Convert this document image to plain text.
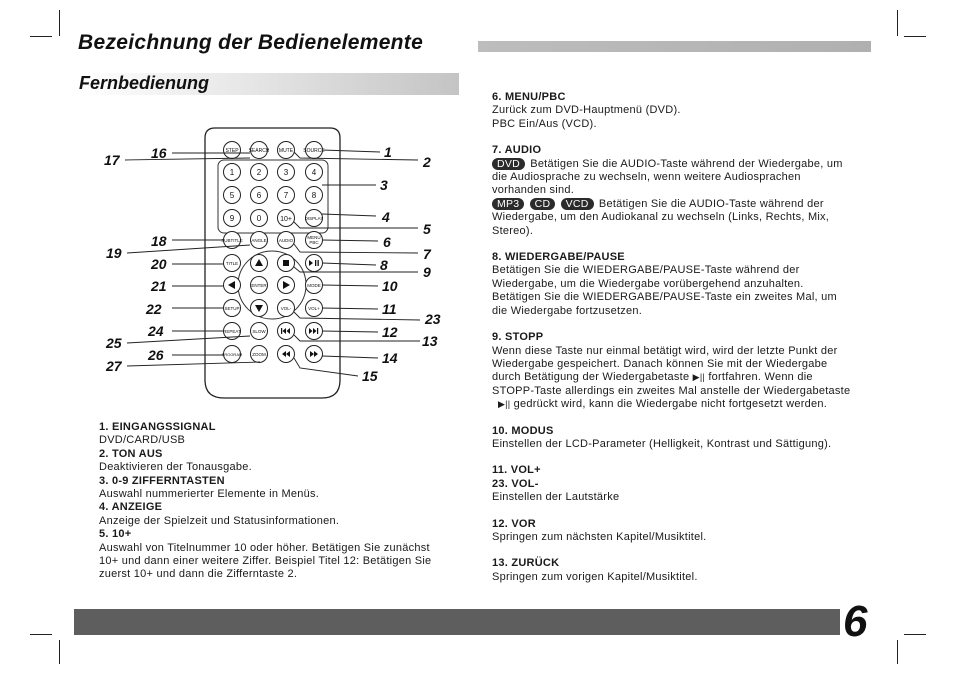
Bezeichnung der Bedienelemente
Fernbedienung
STEP SEARCH MUTE SOURCE
1	2	3	4
5	6	7	8
9	0	10+	DISPLAY
SUBTITLE ANGLE	AUDIO
MENU
PBC
TITLE
ENTER	MODE
SETUP	VOL-	VOL+
REPEAT	SLOW
PROGRAM ZOOM
1
2
3
4
5
6
7
8	9
10
11
12
13
14
15
16
17
18
19
20
21
22
23
24
25
26
27
1. EINGANGSSIGNAL
DVD/CARD/USB
2. TON AUS
Deaktivieren der Tonausgabe.
3. 0-9 ZIFFERNTASTEN
Auswahl nummerierter Elemente in Menüs.
4. ANZEIGE
Anzeige der Spielzeit und Statusinformationen.
5. 10+
Auswahl von Titelnummer 10 oder höher. Betätigen Sie zunächst
10+ und dann einer weitere Ziffer. Beispiel Titel 12: Betätigen Sie
zuerst 10+ und dann die Zifferntaste 2.
6. MENU/PBC
Zurück zum DVD-Hauptmenü (DVD).
PBC Ein/Aus (VCD).
7. AUDIO
DVD Betätigen Sie die AUDIO-Taste während der Wiedergabe, um
die Audiosprache zu wechseln, wenn weitere Audiosprachen
vorhanden sind.
MP3 CD VCD Betätigen Sie die AUDIO-Taste während der
Wiedergabe, um den Audiokanal zu wechseln (Links, Rechts, Mix,
Stereo).
8. WIEDERGABE/PAUSE
Betätigen Sie die WIEDERGABE/PAUSE-Taste während der
Wiedergabe, um die Wiedergabe vorübergehend anzuhalten.
Betätigen Sie die WIEDERGABE/PAUSE-Taste ein zweites Mal, um
die Wiedergabe fortzusetzen.
9. STOPP
Wenn diese Taste nur einmal betätigt wird, wird der letzte Punkt der
Wiedergabe gespeichert. Danach können Sie mit der Wiedergabe
durch Betätigung der Wiedergabetaste ▶|| fortfahren. Wenn die
STOPP-Taste allerdings ein zweites Mal anstelle der Wiedergabetaste
▶|| gedrückt wird, kann die Wiedergabe nicht fortgesetzt werden.
10. MODUS
Einstellen der LCD-Parameter (Helligkeit, Kontrast und Sättigung).
11. VOL+
23. VOL-
Einstellen der Lautstärke
12. VOR
Springen zum nächsten Kapitel/Musiktitel.
13. ZURÜCK
Springen zum vorigen Kapitel/Musiktitel.
6
